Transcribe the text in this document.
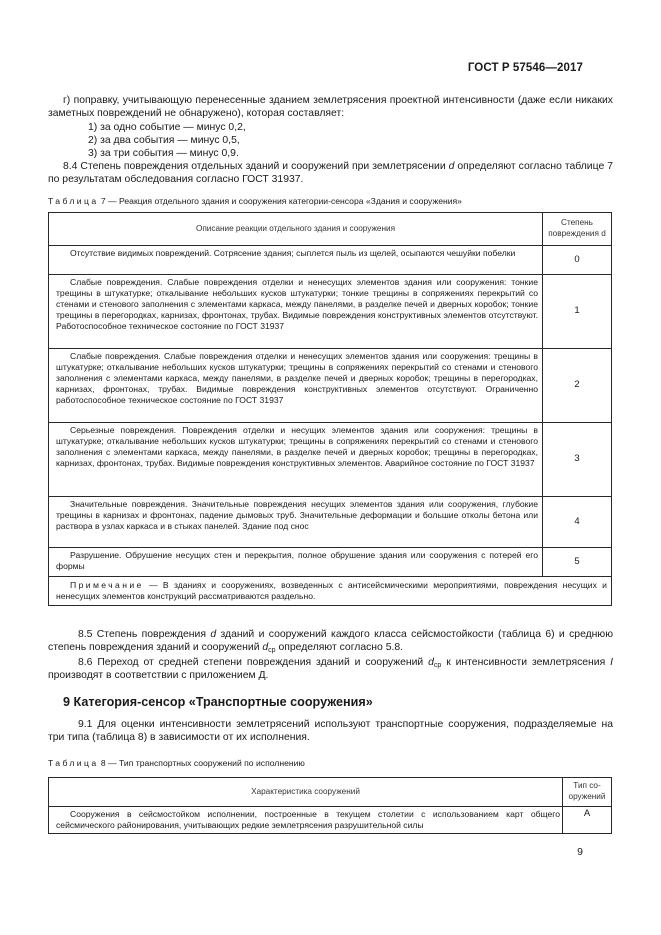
ГОСТ Р 57546—2017

г) поправку, учитывающую перенесенные зданием землетрясения проектной интенсивности (даже если никаких заметных повреждений не обнаружено), которая составляет:

1) за одно событие — минус 0,2,

2) за два события — минус 0,5,

3) за три события — минус 0,9.

8.4 Степень повреждения отдельных зданий и сооружений при землетрясении d определяют согласно таблице 7 по результатам обследования согласно ГОСТ 31937.

Таблица 7 — Реакция отдельного здания и сооружения категории-сенсора «Здания и сооружения»

Описание реакции отдельного здания и сооружения	Степень
повреждения d
Отсутствие видимых повреждений. Сотрясение здания; сыплется пыль из щелей, осыпаются чешуйки побелки	0
Слабые повреждения. Слабые повреждения отделки и ненесущих элементов здания или сооружения: тонкие трещины в штукатурке; откалывание небольших кусков штукатурки; тонкие трещины в сопряжениях перекрытий со стенами и стенового заполнения с элементами каркаса, между панелями, в разделке печей и дверных коробок; тонкие трещины в перегородках, карнизах, фронтонах, трубах. Видимые повреждения конструктивных элементов отсутствуют. Работоспособное техническое состояние по ГОСТ 31937	1
Слабые повреждения. Слабые повреждения отделки и ненесущих элементов здания или сооружения: трещины в штукатурке; откалывание небольших кусков штукатурки; трещины в сопряжениях перекрытий со стенами и стенового заполнения с элементами каркаса, между панелями, в разделке печей и дверных коробок; трещины в перегородках, карнизах, фронтонах, трубах. Видимые повреждения конструктивных элементов отсутствуют. Ограниченно работоспособное техническое состояние по ГОСТ 31937	2
Серьезные повреждения. Повреждения отделки и несущих элементов здания или сооружения: трещины в штукатурке; откалывание небольших кусков штукатурки; трещины в сопряжениях перекрытий со стенами и стенового заполнения с элементами каркаса, между панелями, в разделке печей и дверных коробок; трещины в перегородках, карнизах, фронтонах, трубах. Видимые повреждения конструктивных элементов. Аварийное состояние по ГОСТ 31937	3
Значительные повреждения. Значительные повреждения несущих элементов здания или сооружения, глубокие трещины в карнизах и фронтонах, падение дымовых труб. Значительные деформации и большие отколы бетона или раствора в узлах каркаса и в стыках панелей. Здание под снос	4
Разрушение. Обрушение несущих стен и перекрытия, полное обрушение здания или сооружения с потерей его формы	5
Примечание — В зданиях и сооружениях, возведенных с антисейсмическими мероприятиями, повреждения несущих и ненесущих элементов конструкций рассматриваются раздельно.	

8.5 Степень повреждения d зданий и сооружений каждого класса сейсмостойкости (таблица 6) и среднюю степень повреждения зданий и сооружений $d_{ср}$ определяют согласно 5.8.

8.6 Переход от средней степени повреждения зданий и сооружений $d_{ср}$ к интенсивности землетрясения I производят в соответствии с приложением Д.

9 Категория-сенсор «Транспортные сооружения»

9.1 Для оценки интенсивности землетрясений используют транспортные сооружения, подразделяемые на три типа (таблица 8) в зависимости от их исполнения.

Таблица 8 — Тип транспортных сооружений по исполнению

Характеристика сооружений	Тип со-
оружений
Сооружения в сейсмостойком исполнении, построенные в текущем столетии с использованием карт общего сейсмического районирования, учитывающих редкие землетрясения разрушительной силы	А
9
